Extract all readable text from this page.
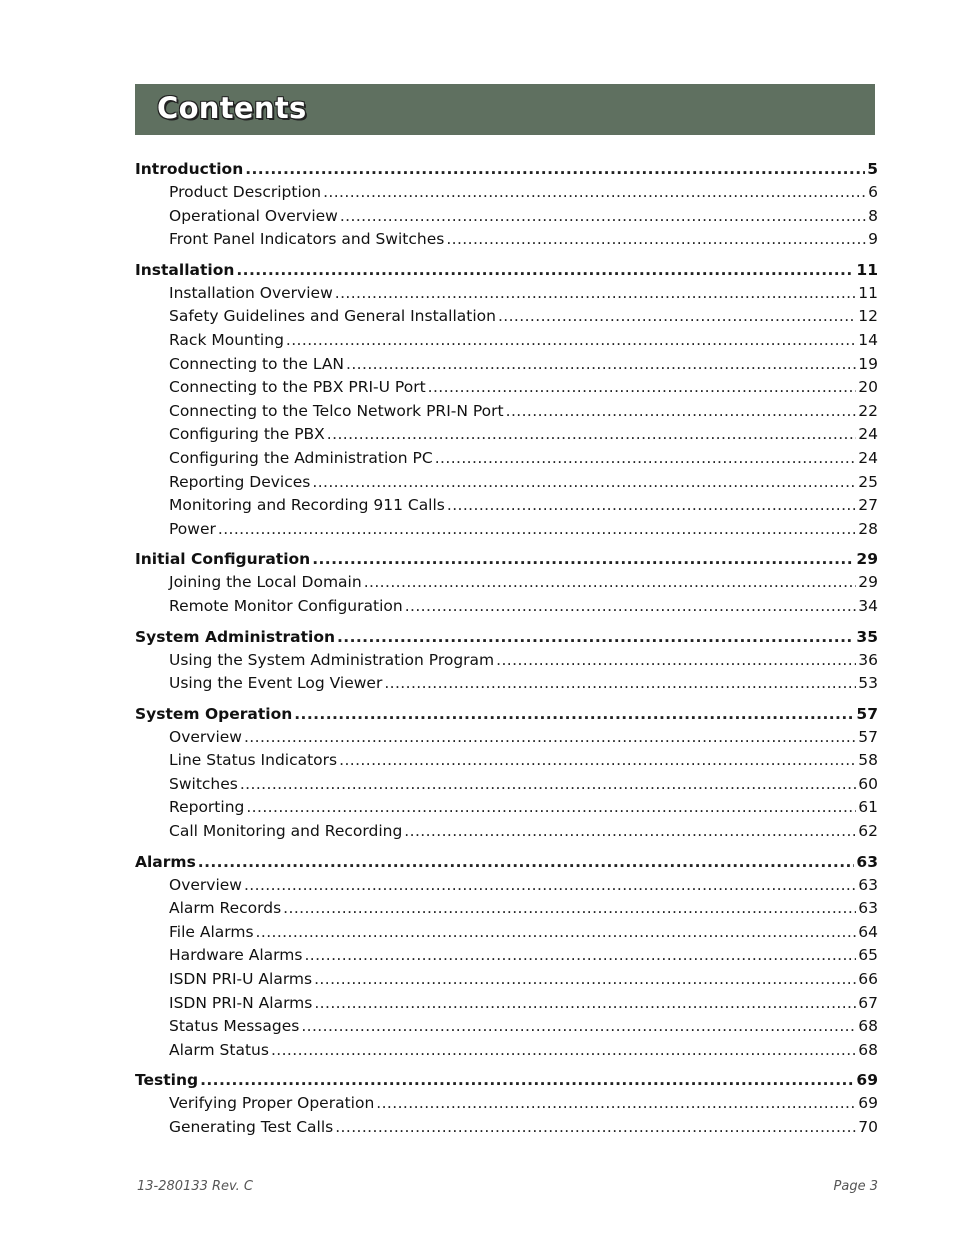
Contents
Introduction .....	5
Product Description .....	6
Operational Overview .....	8
Front Panel Indicators and Switches .....	9
Installation .....	11
Installation Overview .....	11
Safety Guidelines and General Installation .....	12
Rack Mounting .....	14
Connecting to the LAN .....	19
Connecting to the PBX PRI-U Port .....	20
Connecting to the Telco Network PRI-N Port .....	22
Configuring the PBX .....	24
Configuring the Administration PC .....	24
Reporting Devices .....	25
Monitoring and Recording 911 Calls .....	27
Power .....	28
Initial Configuration .....	29
Joining the Local Domain .....	29
Remote Monitor Configuration .....	34
System Administration .....	35
Using the System Administration Program .....	36
Using the Event Log Viewer .....	53
System Operation .....	57
Overview .....	57
Line Status Indicators .....	58
Switches .....	60
Reporting .....	61
Call Monitoring and Recording .....	62
Alarms .....	63
Overview .....	63
Alarm Records .....	63
File Alarms .....	64
Hardware Alarms .....	65
ISDN PRI-U Alarms .....	66
ISDN PRI-N Alarms .....	67
Status Messages .....	68
Alarm Status .....	68
Testing .....	69
Verifying Proper Operation .....	69
Generating Test Calls .....	70
13-280133 Rev. C	Page 3
